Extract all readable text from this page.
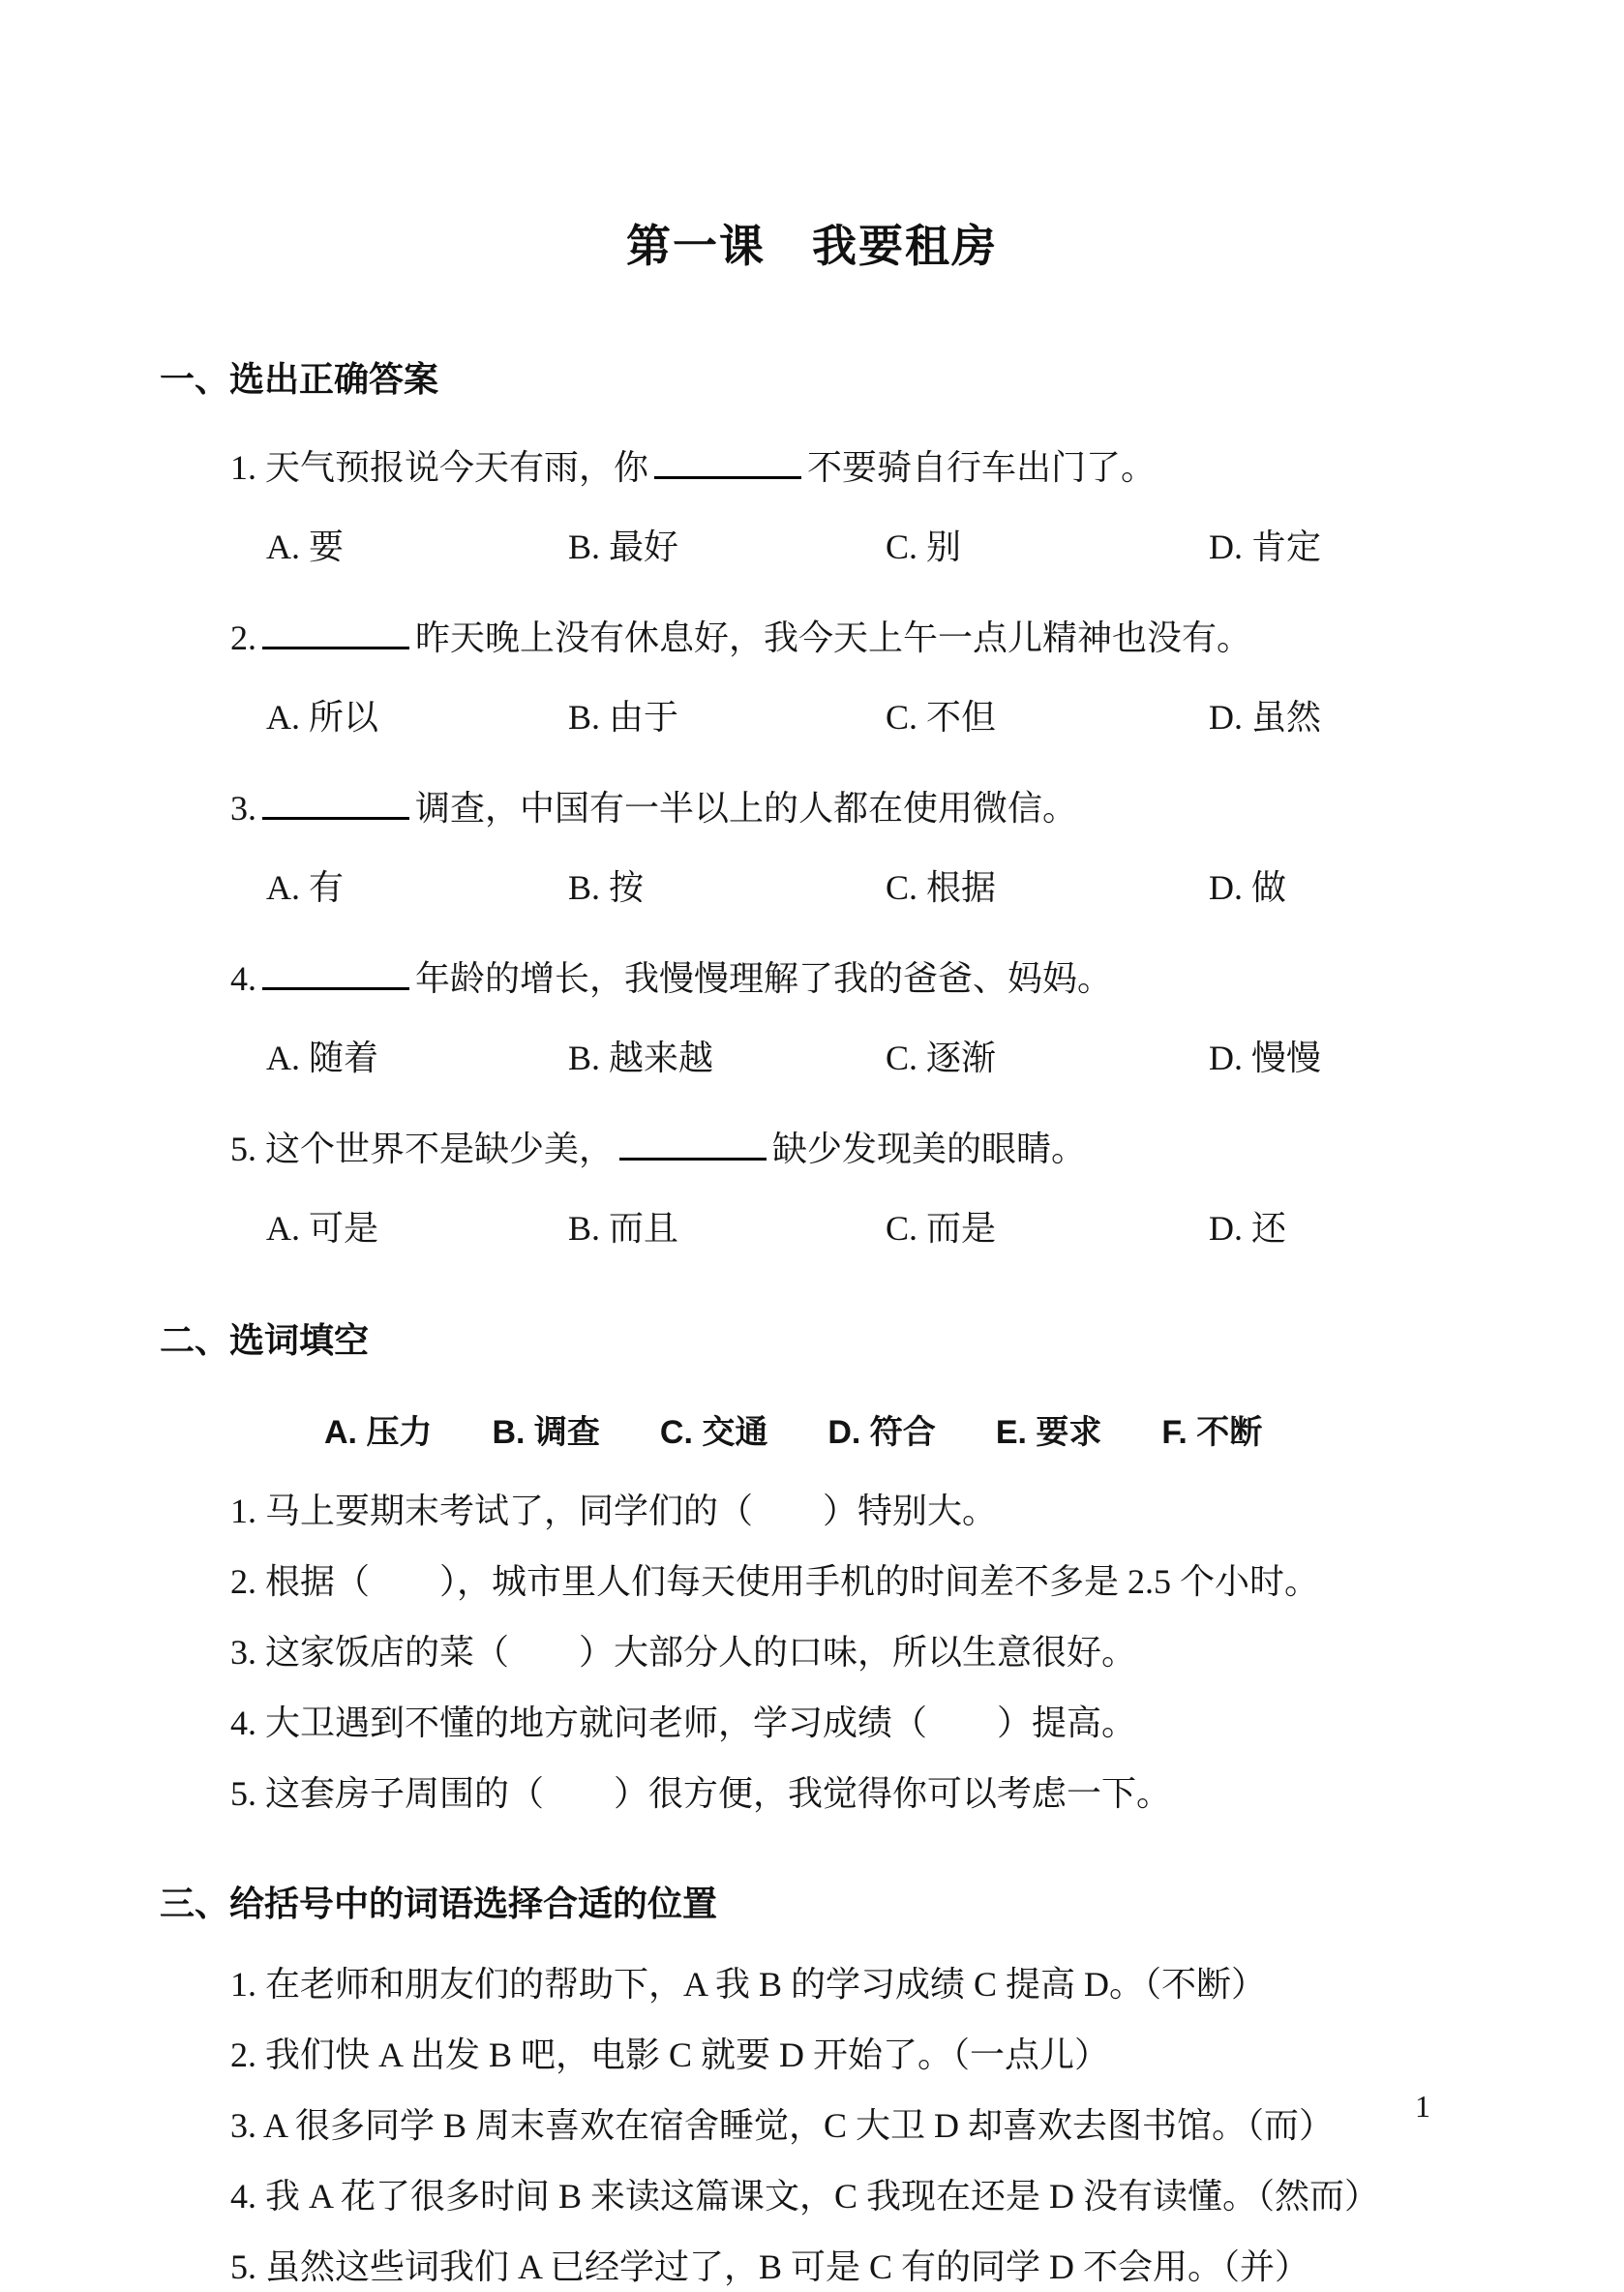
第一课　我要租房
一、选出正确答案
1. 天气预报说今天有雨，你	不要骑自行车出门了。
A. 要	B. 最好	C. 别	D. 肯定
2.	昨天晚上没有休息好，我今天上午一点儿精神也没有。
A. 所以	B. 由于	C. 不但	D. 虽然
3.	调查，中国有一半以上的人都在使用微信。
A. 有	B. 按	C. 根据	D. 做
4.	年龄的增长，我慢慢理解了我的爸爸、妈妈。
A. 随着	B. 越来越	C. 逐渐	D. 慢慢
5. 这个世界不是缺少美，	缺少发现美的眼睛。
A. 可是	B. 而且	C. 而是	D. 还
二、选词填空
A. 压力 B. 调查 C. 交通 D. 符合 E. 要求 F. 不断
1. 马上要期末考试了，同学们的（　　）特别大。
2. 根据（　　），城市里人们每天使用手机的时间差不多是 2.5 个小时。
3. 这家饭店的菜（　　）大部分人的口味，所以生意很好。
4. 大卫遇到不懂的地方就问老师，学习成绩（　　）提高。
5. 这套房子周围的（　　）很方便，我觉得你可以考虑一下。
三、给括号中的词语选择合适的位置
1. 在老师和朋友们的帮助下，A 我 B 的学习成绩 C 提高 D。（不断）
2. 我们快 A 出发 B 吧，电影 C 就要 D 开始了。（一点儿）
3. A 很多同学 B 周末喜欢在宿舍睡觉，C 大卫 D 却喜欢去图书馆。（而）
4. 我 A 花了很多时间 B 来读这篇课文，C 我现在还是 D 没有读懂。（然而）
5. 虽然这些词我们 A 已经学过了，B 可是 C 有的同学 D 不会用。（并）
1
